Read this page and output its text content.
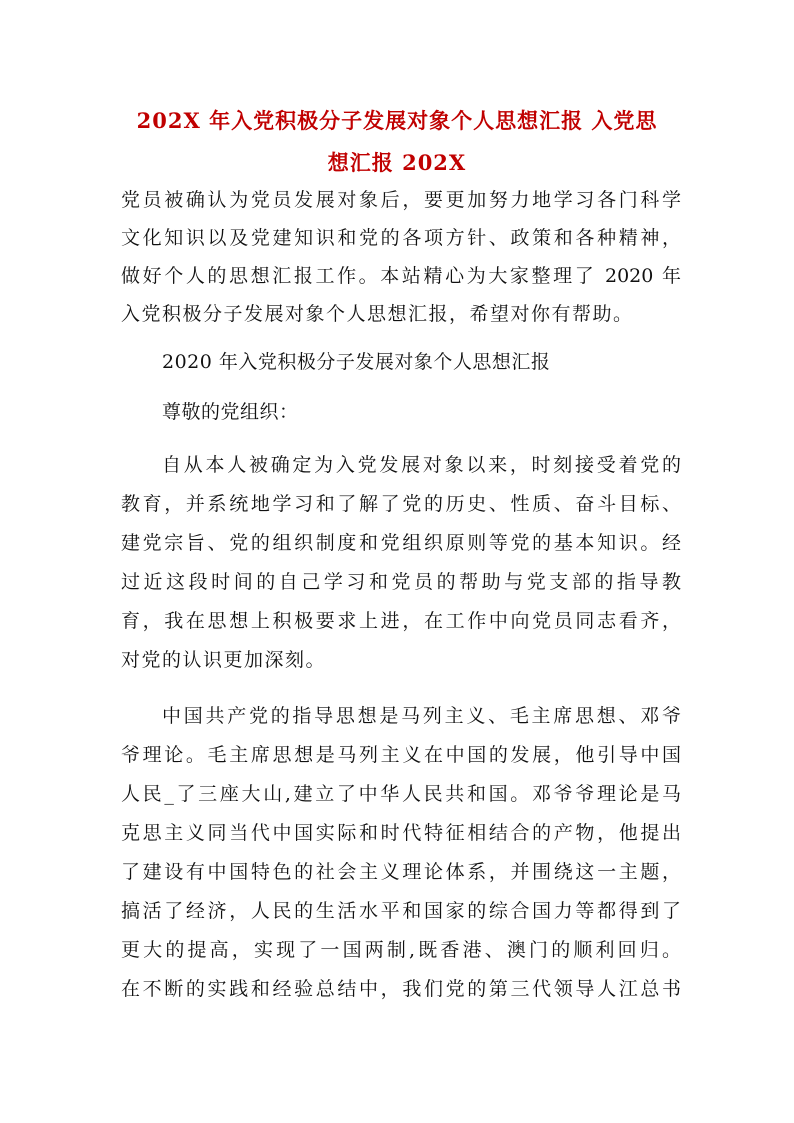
202X 年入党积极分子发展对象个人思想汇报 入党思
想汇报 202X
党员被确认为党员发展对象后，要更加努力地学习各门科学
文化知识以及党建知识和党的各项方针、政策和各种精神，
做好个人的思想汇报工作。本站精心为大家整理了 2020 年
入党积极分子发展对象个人思想汇报，希望对你有帮助。
2020 年入党积极分子发展对象个人思想汇报
尊敬的党组织：
自从本人被确定为入党发展对象以来，时刻接受着党的
教育，并系统地学习和了解了党的历史、性质、奋斗目标、
建党宗旨、党的组织制度和党组织原则等党的基本知识。经
过近这段时间的自己学习和党员的帮助与党支部的指导教
育，我在思想上积极要求上进，在工作中向党员同志看齐，
对党的认识更加深刻。
中国共产党的指导思想是马列主义、毛主席思想、邓爷
爷理论。毛主席思想是马列主义在中国的发展，他引导中国
人民_了三座大山,建立了中华人民共和国。邓爷爷理论是马
克思主义同当代中国实际和时代特征相结合的产物，他提出
了建设有中国特色的社会主义理论体系，并围绕这一主题，
搞活了经济，人民的生活水平和国家的综合国力等都得到了
更大的提高，实现了一国两制,既香港、澳门的顺利回归。
在不断的实践和经验总结中，我们党的第三代领导人江总书
